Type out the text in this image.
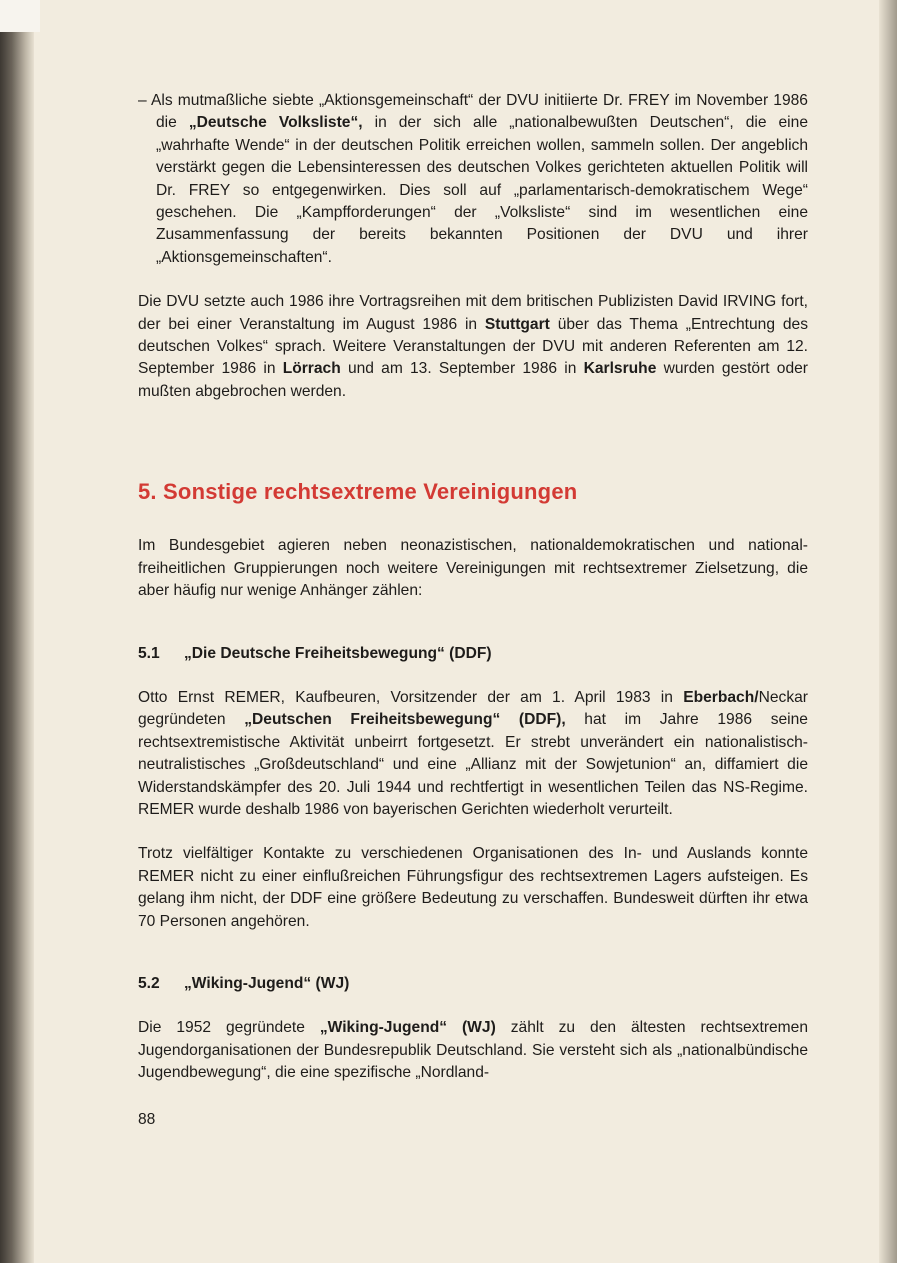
– Als mutmaßliche siebte „Aktionsgemeinschaft“ der DVU initiierte Dr. FREY im November 1986 die „Deutsche Volksliste“, in der sich alle „nationalbewußten Deutschen“, die eine „wahrhafte Wende“ in der deutschen Politik erreichen wollen, sammeln sollen. Der angeblich verstärkt gegen die Lebensinteressen des deutschen Volkes gerichteten aktuellen Politik will Dr. FREY so entgegenwirken. Dies soll auf „parlamentarisch-demokratischem Wege“ geschehen. Die „Kampfforderungen“ der „Volksliste“ sind im wesentlichen eine Zusammenfassung der bereits bekannten Positionen der DVU und ihrer „Aktionsgemeinschaften“.

Die DVU setzte auch 1986 ihre Vortragsreihen mit dem britischen Publizisten David IRVING fort, der bei einer Veranstaltung im August 1986 in Stuttgart über das Thema „Entrechtung des deutschen Volkes“ sprach. Weitere Veranstaltungen der DVU mit anderen Referenten am 12. September 1986 in Lörrach und am 13. September 1986 in Karlsruhe wurden gestört oder mußten abgebrochen werden.

5. Sonstige rechtsextreme Vereinigungen

Im Bundesgebiet agieren neben neonazistischen, nationaldemokratischen und national-freiheitlichen Gruppierungen noch weitere Vereinigungen mit rechtsextremer Zielsetzung, die aber häufig nur wenige Anhänger zählen:

5.1 „Die Deutsche Freiheitsbewegung“ (DDF)

Otto Ernst REMER, Kaufbeuren, Vorsitzender der am 1. April 1983 in Eberbach/Neckar gegründeten „Deutschen Freiheitsbewegung“ (DDF), hat im Jahre 1986 seine rechtsextremistische Aktivität unbeirrt fortgesetzt. Er strebt unverändert ein nationalistisch-neutralistisches „Großdeutschland“ und eine „Allianz mit der Sowjetunion“ an, diffamiert die Widerstandskämpfer des 20. Juli 1944 und rechtfertigt in wesentlichen Teilen das NS-Regime. REMER wurde deshalb 1986 von bayerischen Gerichten wiederholt verurteilt.

Trotz vielfältiger Kontakte zu verschiedenen Organisationen des In- und Auslands konnte REMER nicht zu einer einflußreichen Führungsfigur des rechtsextremen Lagers aufsteigen. Es gelang ihm nicht, der DDF eine größere Bedeutung zu verschaffen. Bundesweit dürften ihr etwa 70 Personen angehören.

5.2 „Wiking-Jugend“ (WJ)

Die 1952 gegründete „Wiking-Jugend“ (WJ) zählt zu den ältesten rechtsextremen Jugendorganisationen der Bundesrepublik Deutschland. Sie versteht sich als „nationalbündische Jugendbewegung“, die eine spezifische „Nordland-

88
